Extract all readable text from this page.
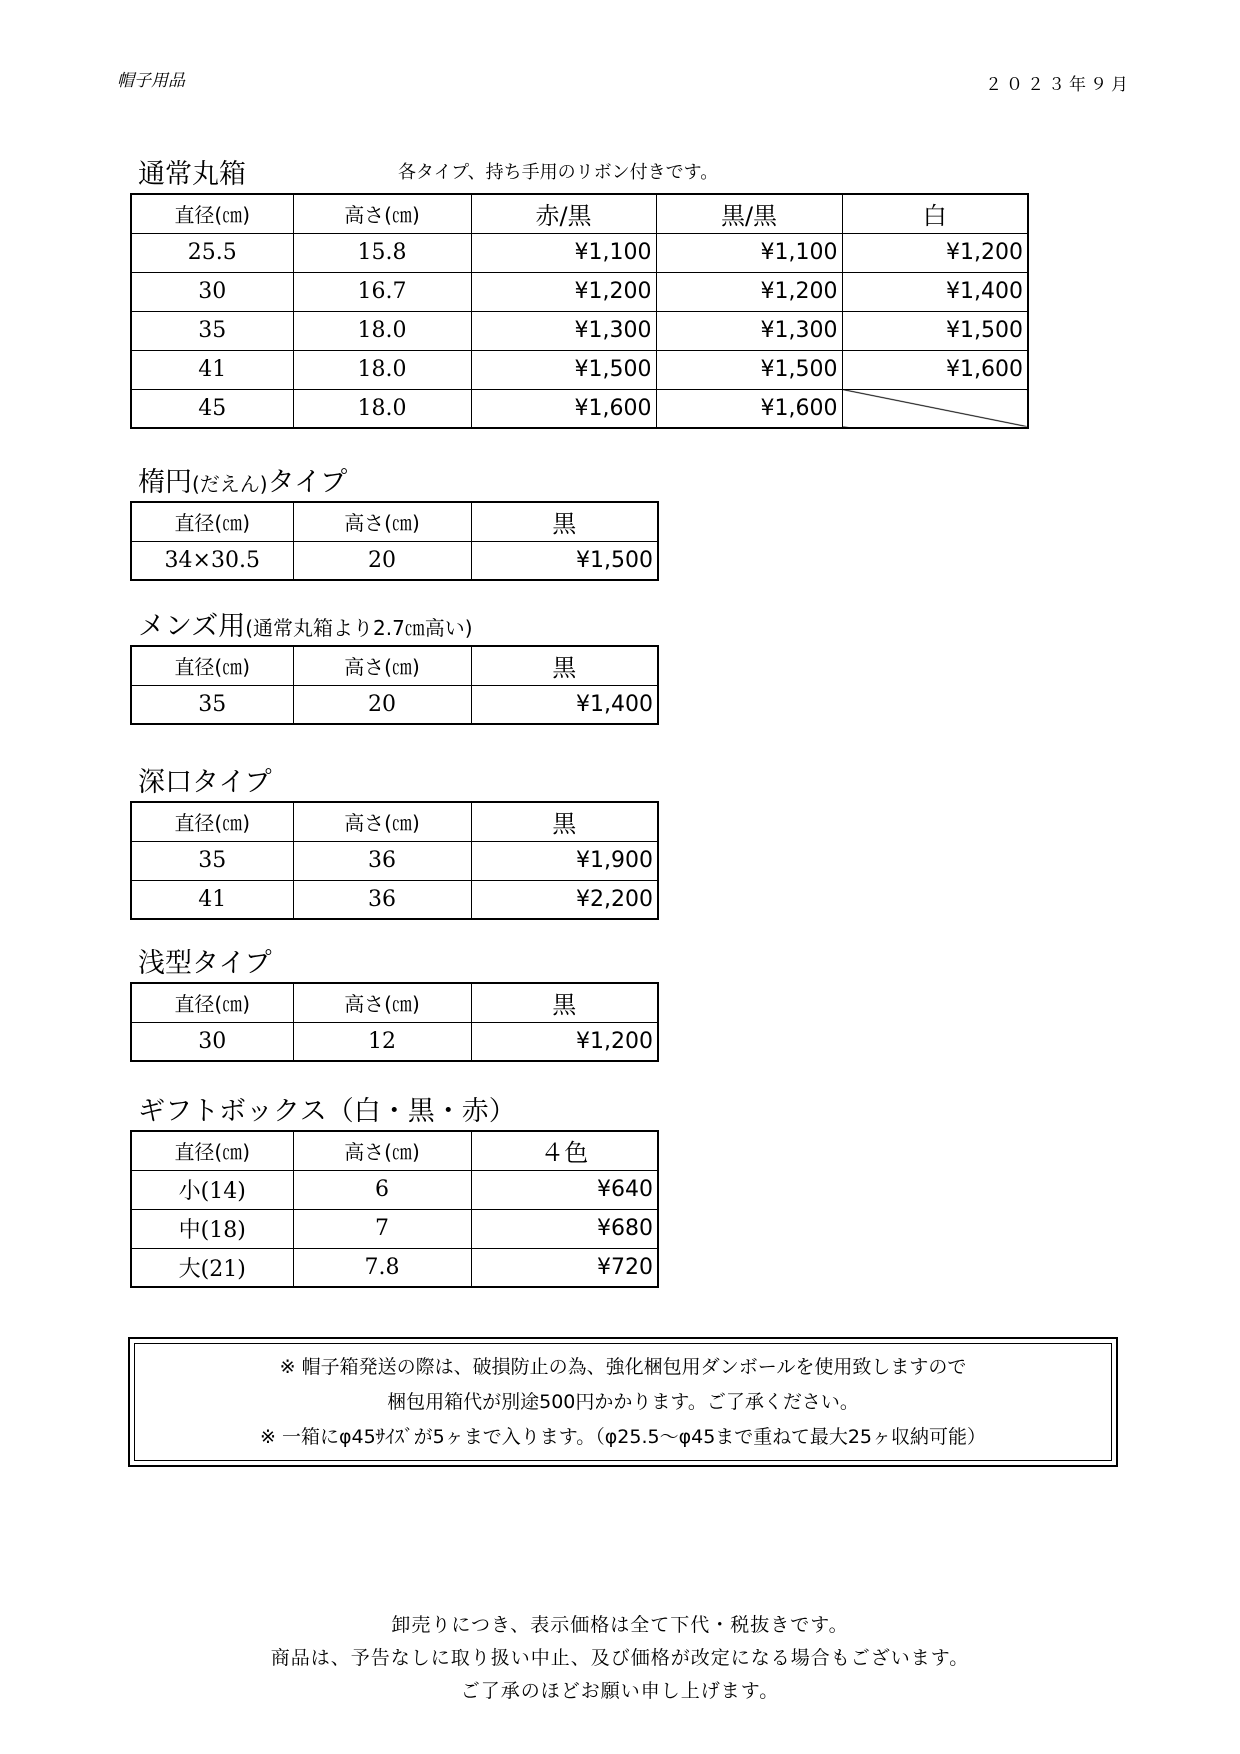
帽子用品	２０２３年９月
通常丸箱	各タイプ、持ち手用のリボン付きです。
直径(㎝)	高さ(㎝)	赤/黒	黒/黒	白
25.5	15.8	¥1,100	¥1,100	¥1,200
30	16.7	¥1,200	¥1,200	¥1,400
35	18.0	¥1,300	¥1,300	¥1,500
41	18.0	¥1,500	¥1,500	¥1,600
45	18.0	¥1,600	¥1,600	
楕円(だえん)タイプ
直径(㎝)	高さ(㎝)	黒
34×30.5	20	¥1,500
メンズ用(通常丸箱より2.7㎝高い)
直径(㎝)	高さ(㎝)	黒
35	20	¥1,400
深口タイプ
直径(㎝)	高さ(㎝)	黒
35	36	¥1,900
41	36	¥2,200
浅型タイプ
直径(㎝)	高さ(㎝)	黒
30	12	¥1,200
ギフトボックス（白・黒・赤）
直径(㎝)	高さ(㎝)	４色
小(14)	6	¥640
中(18)	7	¥680
大(21)	7.8	¥720
※ 帽子箱発送の際は、破損防止の為、強化梱包用ダンボールを使用致しますので
梱包用箱代が別途500円かかります。ご了承ください。
※ 一箱にφ45ｻｲｽﾞが5ヶまで入ります。（φ25.5～φ45まで重ねて最大25ヶ収納可能）
卸売りにつき、表示価格は全て下代・税抜きです。
商品は、予告なしに取り扱い中止、及び価格が改定になる場合もございます。
ご了承のほどお願い申し上げます。
